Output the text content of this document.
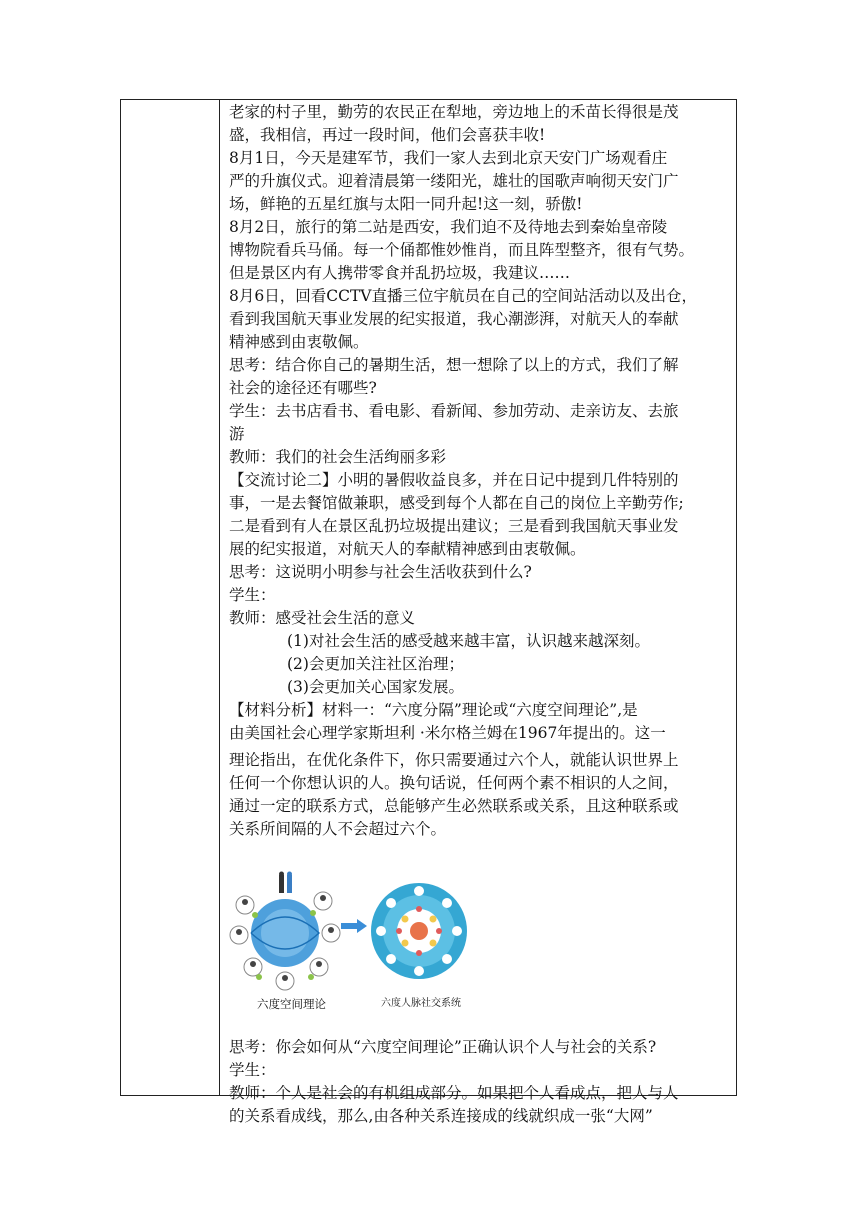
老家的村子里，勤劳的农民正在犁地，旁边地上的禾苗长得很是茂

盛，我相信，再过一段时间，他们会喜获丰收!

8月1日，今天是建军节，我们一家人去到北京天安门广场观看庄

严的升旗仪式。迎着清晨第一缕阳光，雄壮的国歌声响彻天安门广

场，鲜艳的五星红旗与太阳一同升起!这一刻，骄傲!

8月2日，旅行的第二站是西安，我们迫不及待地去到秦始皇帝陵

博物院看兵马俑。每一个俑都惟妙惟肖，而且阵型整齐，很有气势。

但是景区内有人携带零食并乱扔垃圾，我建议……

8月6日，回看CCTV直播三位宇航员在自己的空间站活动以及出仓，

看到我国航天事业发展的纪实报道，我心潮澎湃，对航天人的奉献

精神感到由衷敬佩。

思考：结合你自己的暑期生活，想一想除了以上的方式，我们了解

社会的途径还有哪些?

学生：去书店看书、看电影、看新闻、参加劳动、走亲访友、去旅

游

教师：我们的社会生活绚丽多彩

【交流讨论二】小明的暑假收益良多，并在日记中提到几件特别的

事，一是去餐馆做兼职，感受到每个人都在自己的岗位上辛勤劳作;

二是看到有人在景区乱扔垃圾提出建议；三是看到我国航天事业发

展的纪实报道，对航天人的奉献精神感到由衷敬佩。

思考：这说明小明参与社会生活收获到什么?

学生：

教师：感受社会生活的意义

(1)对社会生活的感受越来越丰富，认识越来越深刻。

(2)会更加关注社区治理；

(3)会更加关心国家发展。

【材料分析】材料一：“六度分隔”理论或“六度空间理论”,是

由美国社会心理学家斯坦利 ·米尔格兰姆在1967年提出的。这一

理论指出，在优化条件下，你只需要通过六个人，就能认识世界上

任何一个你想认识的人。换句话说，任何两个素不相识的人之间，

通过一定的联系方式，总能够产生必然联系或关系，且这种联系或

关系所间隔的人不会超过六个。

六度空间理论	六度人脉社交系统

思考：你会如何从“六度空间理论”正确认识个人与社会的关系?

学生：

教师：个人是社会的有机组成部分。如果把个人看成点，把人与人

的关系看成线，那么,由各种关系连接成的线就织成一张“大网”
